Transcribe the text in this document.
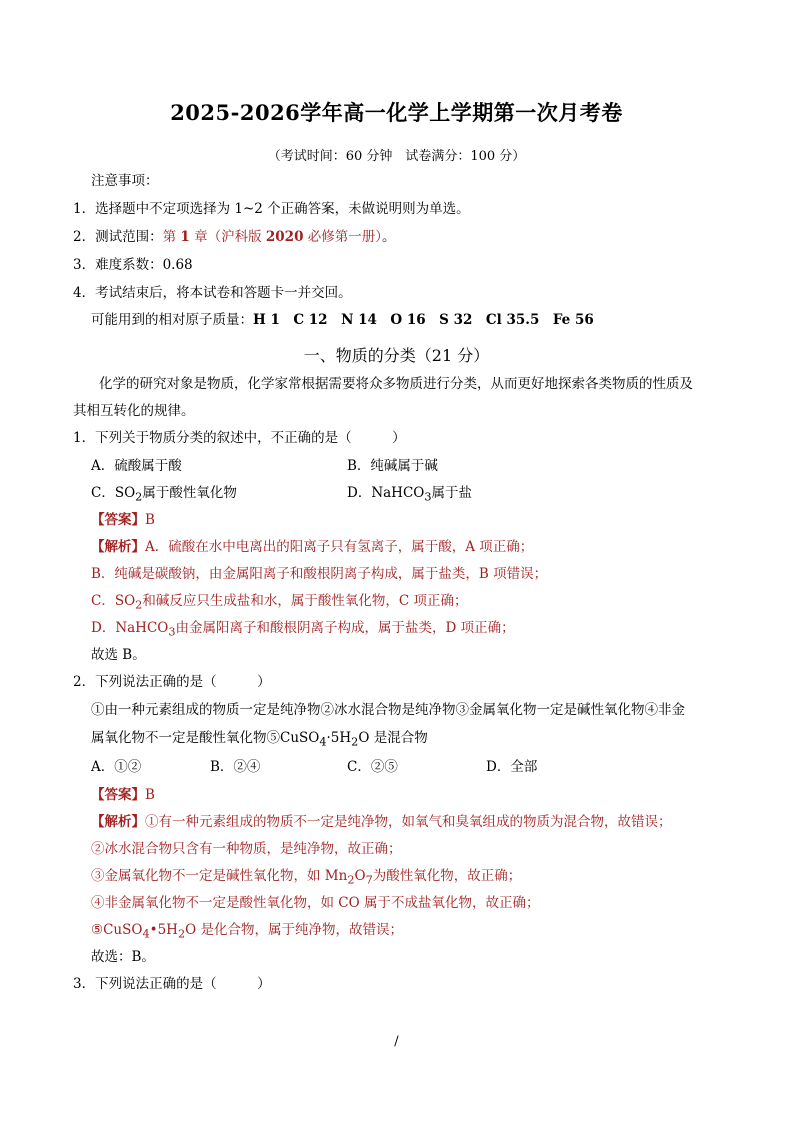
2025-2026学年高一化学上学期第一次月考卷
（考试时间：60 分钟　试卷满分：100 分）
注意事项：
1．选择题中不定项选择为 1~2 个正确答案，未做说明则为单选。
2．测试范围：第 1 章（沪科版 2020 必修第一册）。
3．难度系数：0.68
4．考试结束后，将本试卷和答题卡一并交回。
可能用到的相对原子质量：H 1　C 12　N 14　O 16　S 32　Cl 35.5　Fe 56
一、物质的分类（21 分）
化学的研究对象是物质，化学家常根据需要将众多物质进行分类，从而更好地探索各类物质的性质及
其相互转化的规律。
1．下列关于物质分类的叙述中，不正确的是（　　　）
A．硫酸属于酸	B．纯碱属于碱
C．$SO_2$属于酸性氧化物	D．NaHCO$_3$属于盐
【答案】B
【解析】A．硫酸在水中电离出的阳离子只有氢离子，属于酸，A 项正确；
B．纯碱是碳酸钠，由金属阳离子和酸根阴离子构成，属于盐类，B 项错误；
C．$SO_2$和碱反应只生成盐和水，属于酸性氧化物，C 项正确；
D．NaHCO$_3$由金属阳离子和酸根阴离子构成，属于盐类，D 项正确；
故选 B。
2．下列说法正确的是（　　　）
①由一种元素组成的物质一定是纯净物②冰水混合物是纯净物③金属氧化物一定是碱性氧化物④非金
属氧化物不一定是酸性氧化物$⑤CuSO_4\cdot 5H_2O$ 是混合物
A．①②	B．②④	C．②⑤	D．全部
【答案】B
【解析】①有一种元素组成的物质不一定是纯净物，如氧气和臭氧组成的物质为混合物，故错误；
②冰水混合物只含有一种物质，是纯净物，故正确；
③金属氧化物不一定是碱性氧化物，如 $Mn_2O_7$为酸性氧化物，故正确；
④非金属氧化物不一定是酸性氧化物，如 CO 属于不成盐氧化物，故正确；
$⑤CuSO_4•5H_2O$ 是化合物，属于纯净物，故错误；
故选：B。
3．下列说法正确的是（　　　）
/
